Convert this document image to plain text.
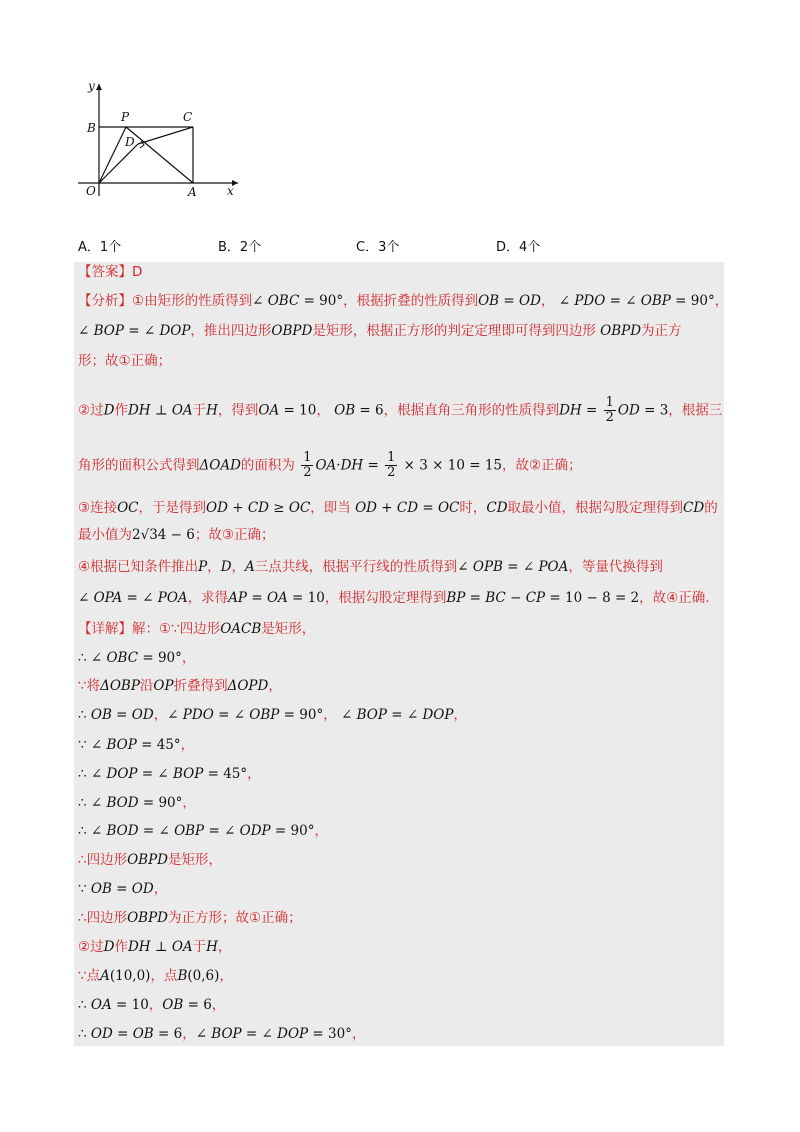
y
x
B
P	C
D
O	A
A．1个	B．2个	C．3个	D．4个
【答案】D
【分析】①由矩形的性质得到∠ OBC = 90°，根据折叠的性质得到OB = OD， ∠ PDO = ∠ OBP = 90°，
∠ BOP = ∠ DOP，推出四边形OBPD是矩形，根据正方形的判定定理即可得到四边形 OBPD为正方
形；故①正确；
②过D作DH ⊥ OA于H，得到OA = 10， OB = 6，根据直角三角形的性质得到DH = $\frac{1}{2}$ OD = 3，根据三
角形的面积公式得到ΔOAD的面积为 $\frac{1}{2} OA\cdot DH = \frac{1}{2} \times 3 \times 10 = 15$，故②正确；
③连接OC，于是得到OD + CD ≥ OC，即当 OD + CD = OC时，CD取最小值，根据勾股定理得到CD的
最小值为2√34 − 6；故③正确；
④根据已知条件推出P，D，A三点共线，根据平行线的性质得到∠ OPB = ∠ POA，等量代换得到
∠ OPA = ∠ POA，求得AP = OA = 10，根据勾股定理得到BP = BC − CP = 10 − 8 = 2，故④正确.
【详解】解：①∵四边形OACB是矩形，
∴ ∠ OBC = 90°，
∵将ΔOBP沿OP折叠得到ΔOPD，
∴ OB = OD，∠ PDO = ∠ OBP = 90°， ∠ BOP = ∠ DOP，
∵ ∠ BOP = 45°，
∴ ∠ DOP = ∠ BOP = 45°，
∴ ∠ BOD = 90°，
∴ ∠ BOD = ∠ OBP = ∠ ODP = 90°，
∴四边形OBPD是矩形，
∵ OB = OD，
∴四边形OBPD为正方形；故①正确；
②过D作DH ⊥ OA于H，
∵点A(10,0)，点B(0,6)，
∴ OA = 10，OB = 6，
∴ OD = OB = 6，∠ BOP = ∠ DOP = 30°，
